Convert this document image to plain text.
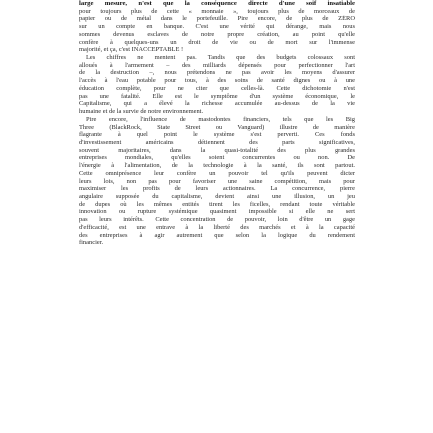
large mesure, n'est que la conséquence directe d'une soif insatiable
pour toujours plus de cette « monnaie », toujours plus de morceaux de
papier ou de métal dans le portefeuille. Pire encore, de plus de ZÉRO
sur un compte en banque. C'est une vérité qui dérange, mais nous
sommes devenus esclaves de notre propre création, au point qu'elle
confère à quelques-uns un droit de vie ou de mort sur l'immense
majorité, et ça, c'est INACCEPTABLE !
Les chiffres ne mentent pas. Tandis que des budgets colossaux sont
alloués à l'armement – des milliards dépensés pour perfectionner l'art
de la destruction –, nous prétendons ne pas avoir les moyens d'assurer
l'accès à l'eau potable pour tous, à des soins de santé dignes ou à une
éducation complète, pour ne citer que celles-là. Cette dichotomie n'est
pas une fatalité. Elle est le symptôme d'un système économique, le
Capitalisme, qui a élevé la richesse accumulée au-dessus de la vie
humaine et de la survie de notre environnement.
Pire encore, l'influence de mastodontes financiers, tels que les Big
Three (BlackRock, State Street ou Vanguard) illustre de manière
flagrante à quel point le système s'est perverti. Ces fonds
d'investissement américains détiennent des parts significatives,
souvent majoritaires, dans la quasi-totalité des plus grandes
entreprises mondiales, qu'elles soient concurrentes ou non. De
l'énergie à l'alimentation, de la technologie à la santé, ils sont partout.
Cette omniprésence leur confère un pouvoir tel qu'ils peuvent dicter
leurs lois, non pas pour favoriser une saine compétition, mais pour
maximiser les profits de leurs actionnaires. La concurrence, pierre
angulaire supposée du capitalisme, devient ainsi une illusion, un jeu
de dupes où les mêmes entités tirent les ficelles, rendant toute véritable
innovation ou rupture systémique quasiment impossible si elle ne sert
pas leurs intérêts. Cette concentration de pouvoir, loin d'être un gage
d'efficacité, est une entrave à la liberté des marchés et à la capacité
des entreprises à agir autrement que selon la logique du rendement
financier.
